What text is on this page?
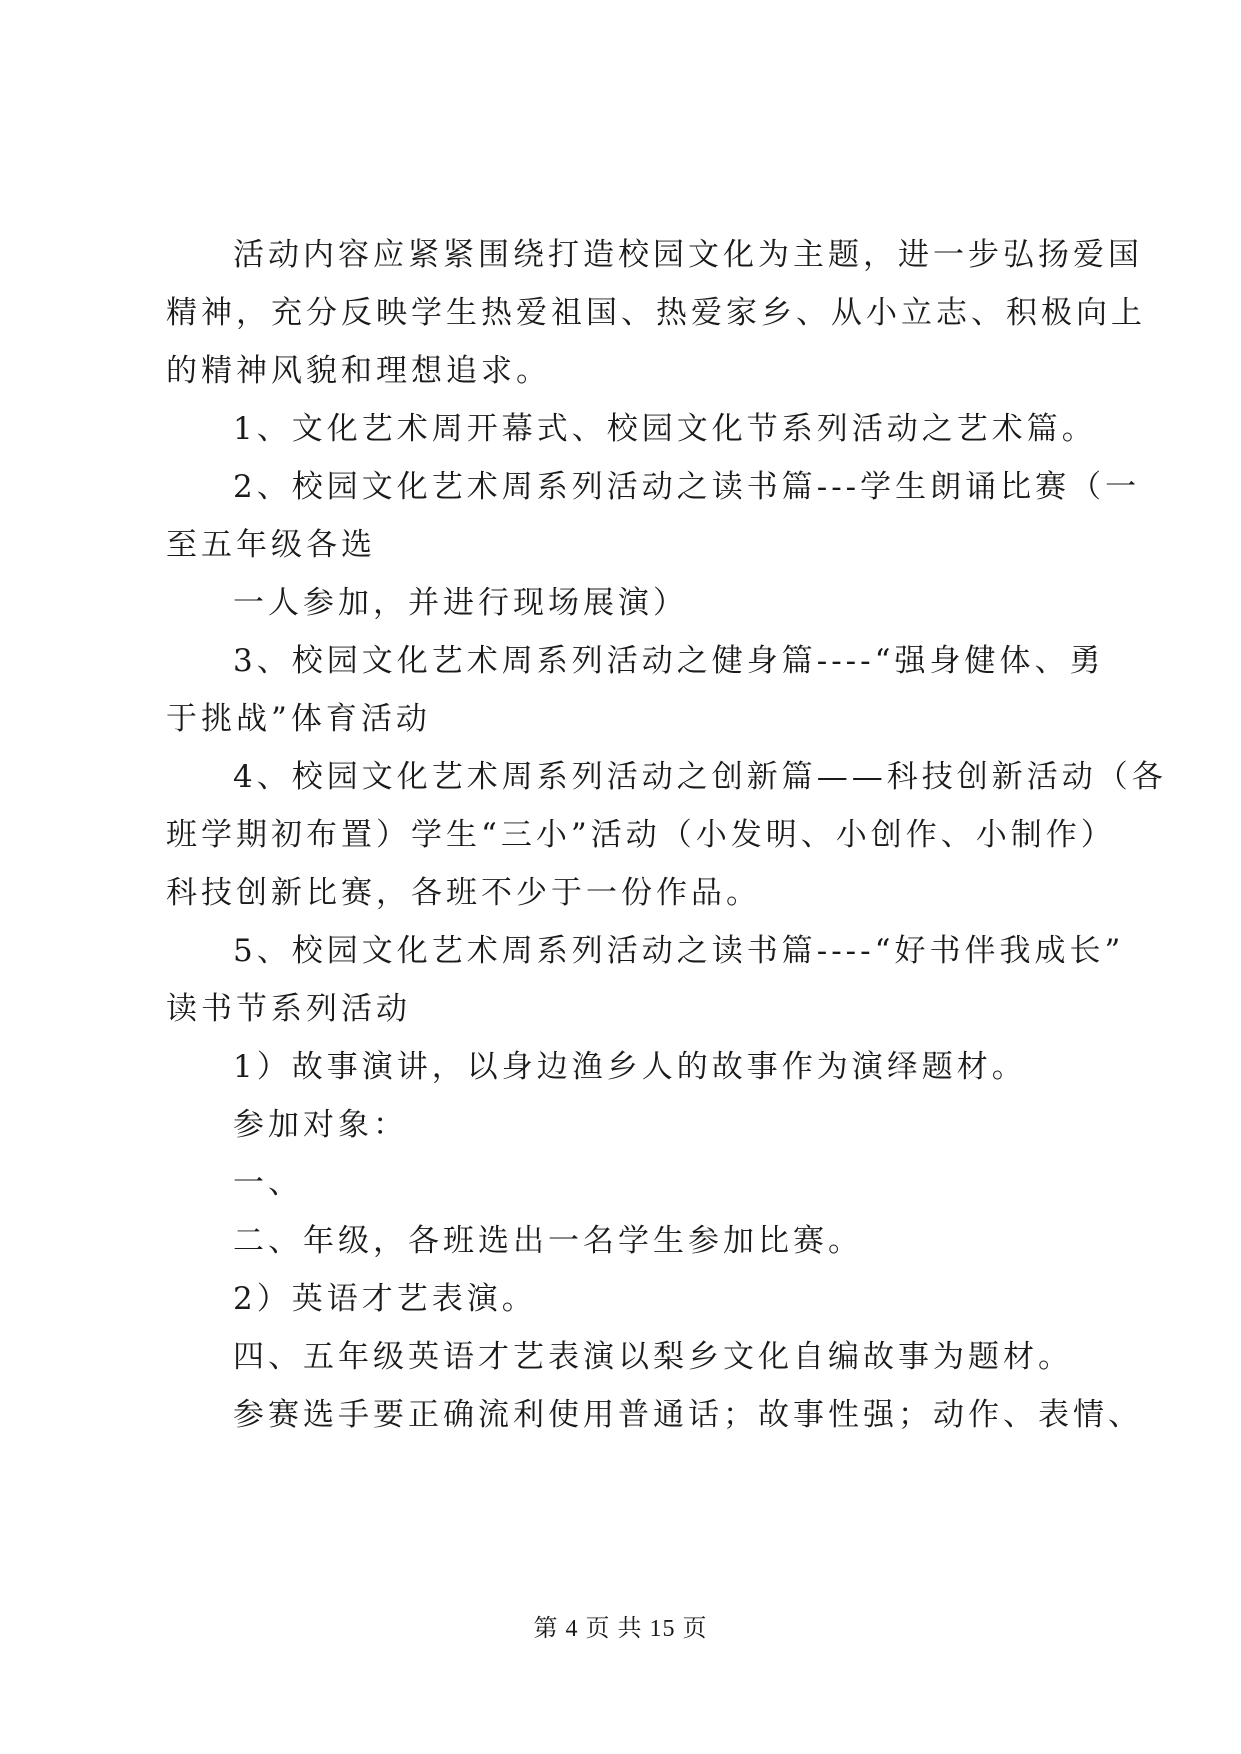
活动内容应紧紧围绕打造校园文化为主题，进一步弘扬爱国
精神，充分反映学生热爱祖国、热爱家乡、从小立志、积极向上
的精神风貌和理想追求。

1、文化艺术周开幕式、校园文化节系列活动之艺术篇。

2、校园文化艺术周系列活动之读书篇---学生朗诵比赛（一
至五年级各选

一人参加，并进行现场展演）

3、校园文化艺术周系列活动之健身篇----“强身健体、勇
于挑战”体育活动

4、校园文化艺术周系列活动之创新篇——科技创新活动（各
班学期初布置）学生“三小”活动（小发明、小创作、小制作）
科技创新比赛，各班不少于一份作品。

5、校园文化艺术周系列活动之读书篇----“好书伴我成长”
读书节系列活动

1）故事演讲，以身边渔乡人的故事作为演绎题材。

参加对象：

一、

二、年级，各班选出一名学生参加比赛。

2）英语才艺表演。

四、五年级英语才艺表演以梨乡文化自编故事为题材。

参赛选手要正确流利使用普通话；故事性强；动作、表情、

第 4 页 共 15 页
